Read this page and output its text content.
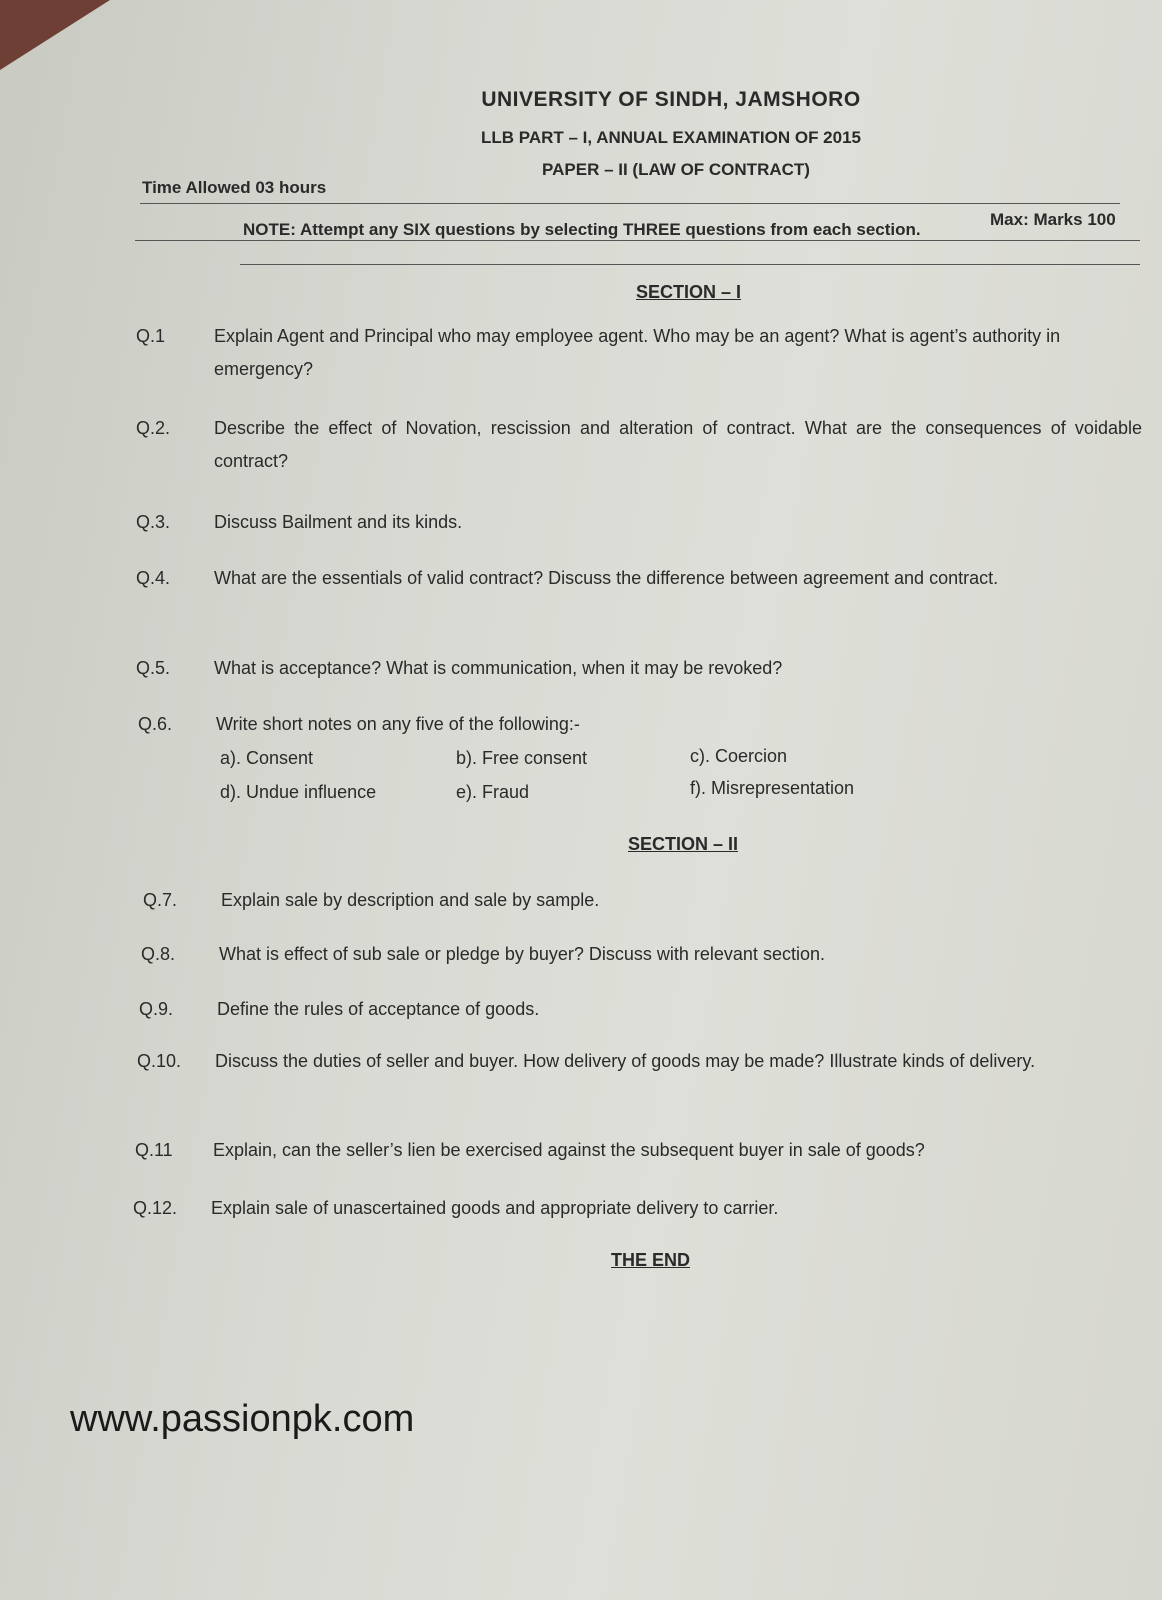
UNIVERSITY OF SINDH, JAMSHORO
LLB PART – I, ANNUAL EXAMINATION OF 2015
PAPER – II (LAW OF CONTRACT)
Time Allowed 03 hours
Max: Marks 100
NOTE: Attempt any SIX questions by selecting THREE questions from each section.
SECTION – I
Q.1	Explain Agent and Principal who may employee agent. Who may be an agent? What is agent’s authority in emergency?
Q.2.	Describe the effect of Novation, rescission and alteration of contract. What are the consequences of voidable contract?
Q.3.	Discuss Bailment and its kinds.
Q.4.	What are the essentials of valid contract? Discuss the difference between agreement and contract.
Q.5.	What is acceptance? What is communication, when it may be revoked?
Q.6.	Write short notes on any five of the following:-
a). Consent	b). Free consent	c). Coercion
d). Undue influence	e). Fraud	f). Misrepresentation
SECTION – II
Q.7.	Explain sale by description and sale by sample.
Q.8.	What is effect of sub sale or pledge by buyer? Discuss with relevant section.
Q.9.	Define the rules of acceptance of goods.
Q.10.	Discuss the duties of seller and buyer. How delivery of goods may be made? Illustrate kinds of delivery.
Q.11	Explain, can the seller’s lien be exercised against the subsequent buyer in sale of goods?
Q.12.	Explain sale of unascertained goods and appropriate delivery to carrier.
THE END
www.passionpk.com
